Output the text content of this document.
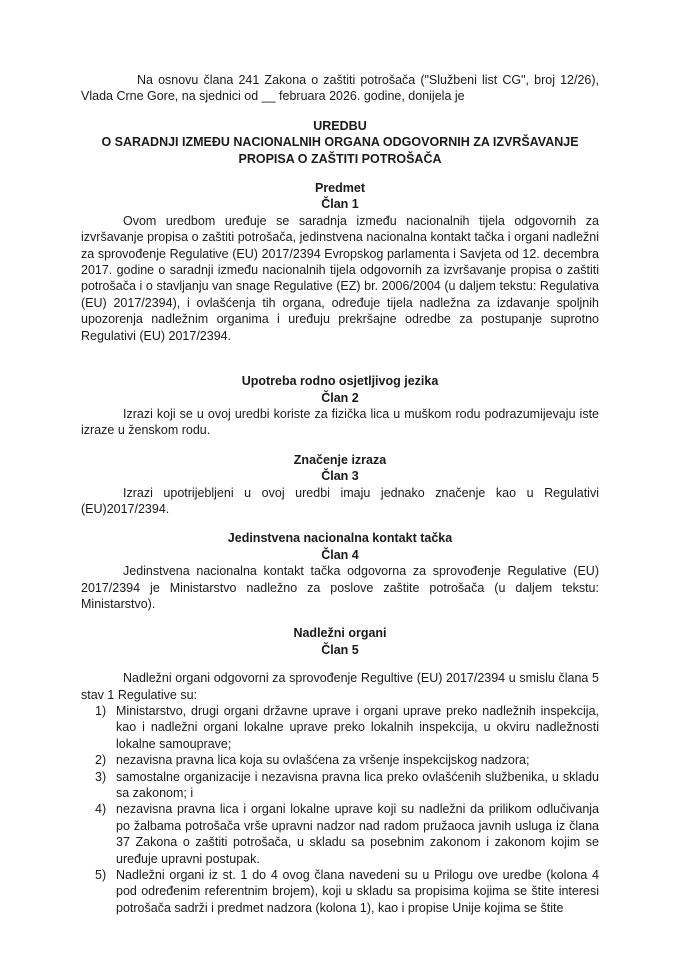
Na osnovu člana 241 Zakona o zaštiti potrošača ("Službeni list CG", broj 12/26), Vlada Crne Gore, na sjednici od __ februara 2026. godine, donijela je

UREDBU

O SARADNJI IZMEĐU NACIONALNIH ORGANA ODGOVORNIH ZA IZVRŠAVANJE PROPISA O ZAŠTITI POTROŠAČA

Predmet

Član 1

Ovom uredbom uređuje se saradnja između nacionalnih tijela odgovornih za izvršavanje propisa o zaštiti potrošača, jedinstvena nacionalna kontakt tačka i organi nadležni za sprovođenje Regulative (EU) 2017/2394 Evropskog parlamenta i Savjeta od 12. decembra 2017. godine o saradnji između nacionalnih tijela odgovornih za izvršavanje propisa o zaštiti potrošača i o stavljanju van snage Regulative (EZ) br. 2006/2004 (u daljem tekstu: Regulativa (EU) 2017/2394), i ovlašćenja tih organa, određuje tijela nadležna za izdavanje spoljnih upozorenja nadležnim organima i uređuju prekršajne odredbe za postupanje suprotno Regulativi (EU) 2017/2394.

Upotreba rodno osjetljivog jezika

Član 2

Izrazi koji se u ovoj uredbi koriste za fizička lica u muškom rodu podrazumijevaju iste izraze u ženskom rodu.

Značenje izraza

Član 3

Izrazi upotrijebljeni u ovoj uredbi imaju jednako značenje kao u Regulativi (EU)2017/2394.

Jedinstvena nacionalna kontakt tačka

Član 4

Jedinstvena nacionalna kontakt tačka odgovorna za sprovođenje Regulative (EU) 2017/2394 je Ministarstvo nadležno za poslove zaštite potrošača (u daljem tekstu: Ministarstvo).

Nadležni organi

Član 5

Nadležni organi odgovorni za sprovođenje Regultive (EU) 2017/2394 u smislu člana 5 stav 1 Regulative su:

1) Ministarstvo, drugi organi državne uprave i organi uprave preko nadležnih inspekcija, kao i nadležni organi lokalne uprave preko lokalnih inspekcija, u okviru nadležnosti lokalne samouprave;
2) nezavisna pravna lica koja su ovlašćena za vršenje inspekcijskog nadzora;
3) samostalne organizacije i nezavisna pravna lica preko ovlašćenih službenika, u skladu sa zakonom; i
4) nezavisna pravna lica i organi lokalne uprave koji su nadležni da prilikom odlučivanja po žalbama potrošača vrše upravni nadzor nad radom pružaoca javnih usluga iz člana 37 Zakona o zaštiti potrošača, u skladu sa posebnim zakonom i zakonom kojim se uređuje upravni postupak.
5) Nadležni organi iz st. 1 do 4 ovog člana navedeni su u Prilogu ove uredbe (kolona 4 pod određenim referentnim brojem), koji u skladu sa propisima kojima se štite interesi potrošača sadrži i predmet nadzora (kolona 1), kao i propise Unije kojima se štite
